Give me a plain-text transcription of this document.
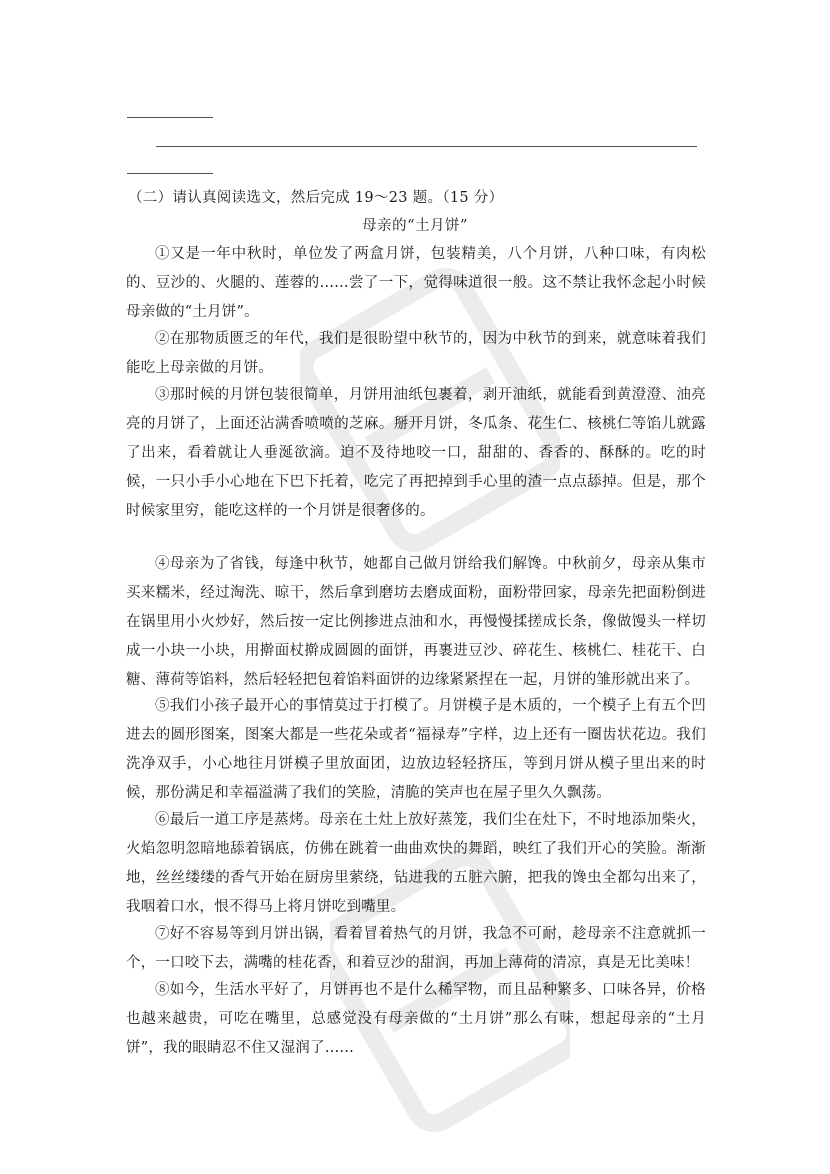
（二）请认真阅读选文，然后完成 19～23 题。（15 分）
母亲的“土月饼”

①又是一年中秋时，单位发了两盒月饼，包装精美，八个月饼，八种口味，有肉松的、豆沙的、火腿的、莲蓉的……尝了一下，觉得味道很一般。这不禁让我怀念起小时候母亲做的“土月饼”。

②在那物质匮乏的年代，我们是很盼望中秋节的，因为中秋节的到来，就意味着我们能吃上母亲做的月饼。

③那时候的月饼包装很简单，月饼用油纸包裹着，剥开油纸，就能看到黄澄澄、油亮亮的月饼了，上面还沾满香喷喷的芝麻。掰开月饼，冬瓜条、花生仁、核桃仁等馅儿就露了出来，看着就让人垂涎欲滴。迫不及待地咬一口，甜甜的、香香的、酥酥的。吃的时候，一只小手小心地在下巴下托着，吃完了再把掉到手心里的渣一点点舔掉。但是，那个时候家里穷，能吃这样的一个月饼是很奢侈的。

④母亲为了省钱，每逢中秋节，她都自己做月饼给我们解馋。中秋前夕，母亲从集市买来糯米，经过淘洗、晾干，然后拿到磨坊去磨成面粉，面粉带回家，母亲先把面粉倒进在锅里用小火炒好，然后按一定比例掺进点油和水，再慢慢揉搓成长条，像做馒头一样切成一小块一小块，用擀面杖擀成圆圆的面饼，再裹进豆沙、碎花生、核桃仁、桂花干、白糖、薄荷等馅料，然后轻轻把包着馅料面饼的边缘紧紧捏在一起，月饼的雏形就出来了。

⑤我们小孩子最开心的事情莫过于打模了。月饼模子是木质的，一个模子上有五个凹进去的圆形图案，图案大都是一些花朵或者“福禄寿”字样，边上还有一圈齿状花边。我们洗净双手，小心地往月饼模子里放面团，边放边轻轻挤压，等到月饼从模子里出来的时候，那份满足和幸福溢满了我们的笑脸，清脆的笑声也在屋子里久久飘荡。

⑥最后一道工序是蒸烤。母亲在土灶上放好蒸笼，我们尘在灶下，不时地添加柴火，火焰忽明忽暗地舔着锅底，仿佛在跳着一曲曲欢快的舞蹈，映红了我们开心的笑脸。渐渐地，丝丝缕缕的香气开始在厨房里萦绕，钻进我的五脏六腑，把我的馋虫全都勾出来了，我咽着口水，恨不得马上将月饼吃到嘴里。

⑦好不容易等到月饼出锅，看着冒着热气的月饼，我急不可耐，趁母亲不注意就抓一个，一口咬下去，满嘴的桂花香，和着豆沙的甜润，再加上薄荷的清凉，真是无比美味！

⑧如今，生活水平好了，月饼再也不是什么稀罕物，而且品种繁多、口味各异，价格也越来越贵，可吃在嘴里，总感觉没有母亲做的“土月饼”那么有味，想起母亲的“土月饼”，我的眼睛忍不住又湿润了……
